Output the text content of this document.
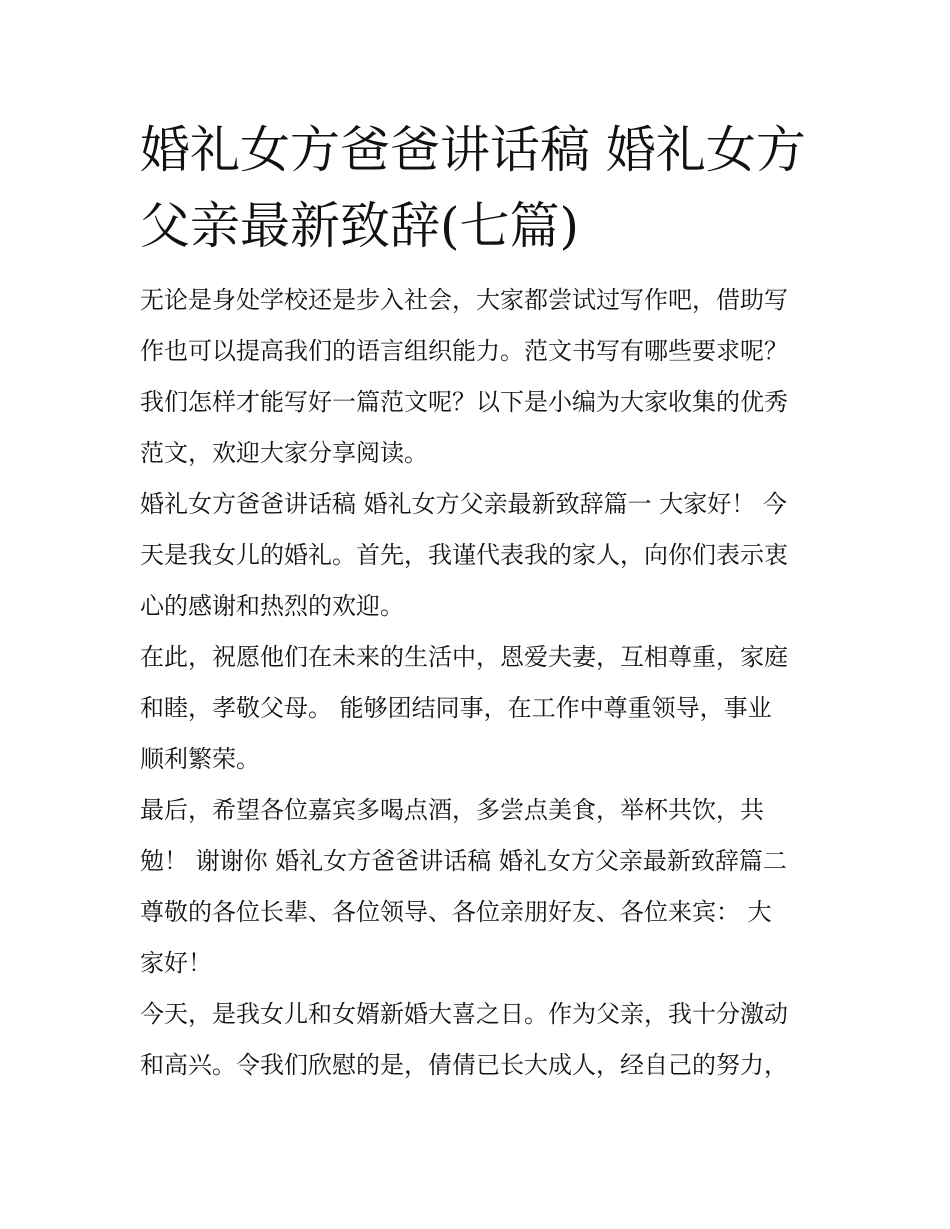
婚礼女方爸爸讲话稿 婚礼女方
父亲最新致辞(七篇)
无论是身处学校还是步入社会，大家都尝试过写作吧，借助写
作也可以提高我们的语言组织能力。范文书写有哪些要求呢？
我们怎样才能写好一篇范文呢？以下是小编为大家收集的优秀
范文，欢迎大家分享阅读。
婚礼女方爸爸讲话稿 婚礼女方父亲最新致辞篇一 大家好！ 今
天是我女儿的婚礼。首先，我谨代表我的家人，向你们表示衷
心的感谢和热烈的欢迎。
在此，祝愿他们在未来的生活中，恩爱夫妻，互相尊重，家庭
和睦，孝敬父母。 能够团结同事，在工作中尊重领导，事业
顺利繁荣。
最后，希望各位嘉宾多喝点酒，多尝点美食，举杯共饮，共
勉！ 谢谢你 婚礼女方爸爸讲话稿 婚礼女方父亲最新致辞篇二
尊敬的各位长辈、各位领导、各位亲朋好友、各位来宾： 大
家好！
今天，是我女儿和女婿新婚大喜之日。作为父亲，我十分激动
和高兴。令我们欣慰的是，倩倩已长大成人，经自己的努力，
